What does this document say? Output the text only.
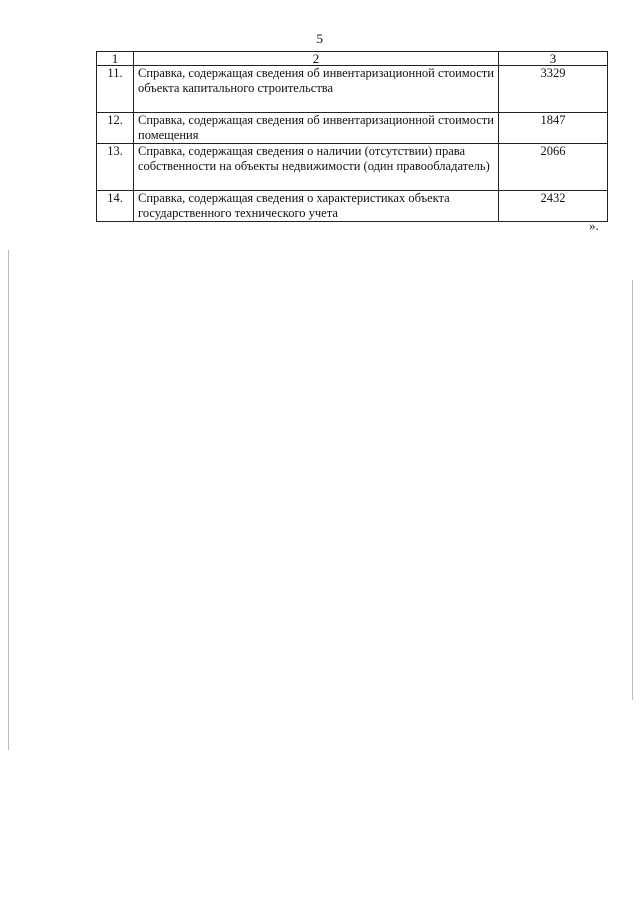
5
1	2	3
11.	Справка, содержащая сведения об инвентаризационной стоимости объекта капитального строительства	3329
12.	Справка, содержащая сведения об инвентаризационной стоимости помещения	1847
13.	Справка, содержащая сведения о наличии (отсутствии) права собственности на объекты недвижимости (один правообладатель)	2066
14.	Справка, содержащая сведения о характеристиках объекта государственного технического учета	2432
».
